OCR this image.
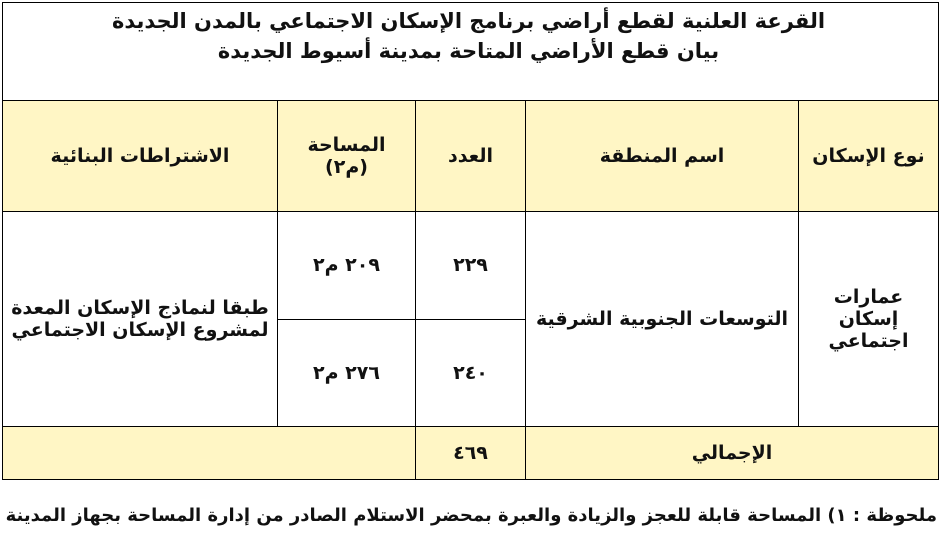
القرعة العلنية لقطع أراضي برنامج الإسكان الاجتماعي بالمدن الجديدة
بيان قطع الأراضي المتاحة بمدينة أسيوط الجديدة
نوع الإسكان	اسم المنطقة	العدد	المساحة (م٢)	الاشتراطات البنائية
عمارات إسكان اجتماعي	التوسعات الجنوبية الشرقية	٢٢٩	٢٠٩ م٢	طبقا لنماذج الإسكان المعدة لمشروع الإسكان الاجتماعي
		٢٤٠	٢٧٦ م٢	
الإجمالي		٤٦٩		
ملحوظة : ١) المساحة قابلة للعجز والزيادة والعبرة بمحضر الاستلام الصادر من إدارة المساحة بجهاز المدينة
